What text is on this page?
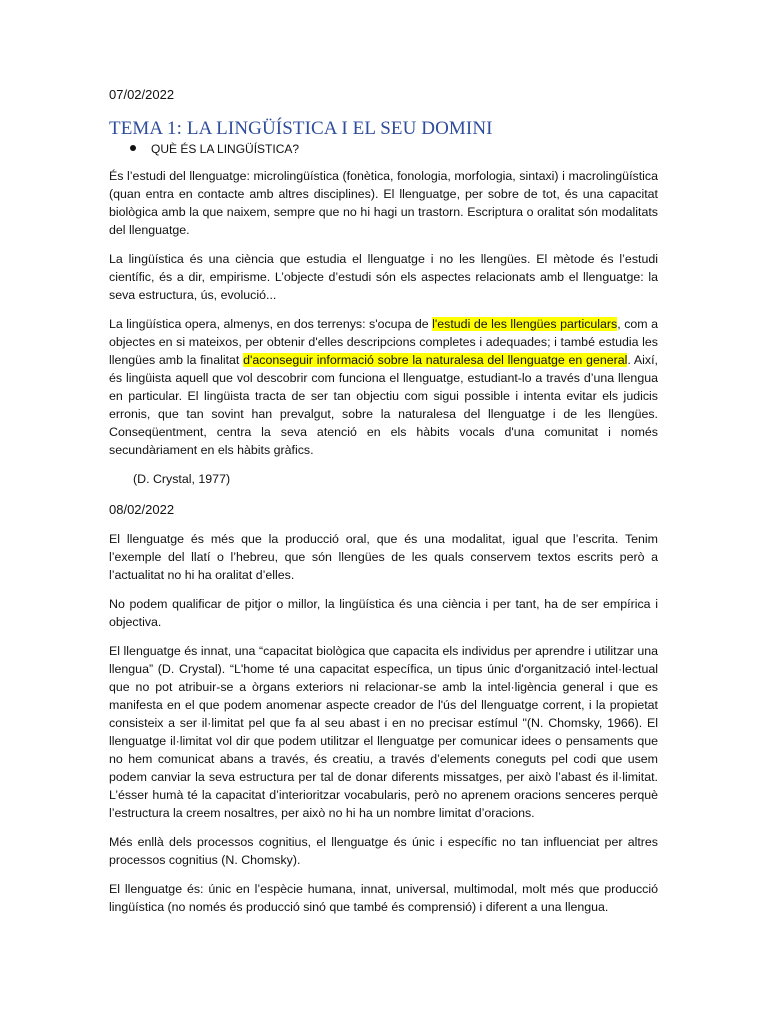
07/02/2022

TEMA 1: LA LINGÜÍSTICA I EL SEU DOMINI
QUÈ ÉS LA LINGÜÍSTICA?

És l’estudi del llenguatge: microlingüística (fonètica, fonologia, morfologia, sintaxi) i macrolingüística (quan entra en contacte amb altres disciplines). El llenguatge, per sobre de tot, és una capacitat biològica amb la que naixem, sempre que no hi hagi un trastorn. Escriptura o oralitat són modalitats del llenguatge.

La lingüística és una ciència que estudia el llenguatge i no les llengües. El mètode és l’estudi científic, és a dir, empirisme. L’objecte d’estudi són els aspectes relacionats amb el llenguatge: la seva estructura, ús, evolució...

La lingüística opera, almenys, en dos terrenys: s'ocupa de l'estudi de les llengües particulars, com a objectes en si mateixos, per obtenir d'elles descripcions completes i adequades; i també estudia les llengües amb la finalitat d'aconseguir informació sobre la naturalesa del llenguatge en general. Així, és lingüista aquell que vol descobrir com funciona el llenguatge, estudiant-lo a través d’una llengua en particular. El lingüista tracta de ser tan objectiu com sigui possible i intenta evitar els judicis erronis, que tan sovint han prevalgut, sobre la naturalesa del llenguatge i de les llengües. Conseqüentment, centra la seva atenció en els hàbits vocals d'una comunitat i només secundàriament en els hàbits gràfics.

(D. Crystal, 1977)

08/02/2022

El llenguatge és més que la producció oral, que és una modalitat, igual que l’escrita. Tenim l’exemple del llatí o l’hebreu, que són llengües de les quals conservem textos escrits però a l’actualitat no hi ha oralitat d’elles.

No podem qualificar de pitjor o millor, la lingüística és una ciència i per tant, ha de ser empírica i objectiva.

El llenguatge és innat, una “capacitat biològica que capacita els individus per aprendre i utilitzar una llengua” (D. Crystal). “L'home té una capacitat específica, un tipus únic d'organització intel·lectual que no pot atribuir-se a òrgans exteriors ni relacionar-se amb la intel·ligència general i que es manifesta en el que podem anomenar aspecte creador de l'ús del llenguatge corrent, i la propietat consisteix a ser il·limitat pel que fa al seu abast i en no precisar estímul "(N. Chomsky, 1966). El llenguatge il·limitat vol dir que podem utilitzar el llenguatge per comunicar idees o pensaments que no hem comunicat abans a través, és creatiu, a través d’elements coneguts pel codi que usem podem canviar la seva estructura per tal de donar diferents missatges, per això l’abast és il·limitat. L’ésser humà té la capacitat d’interioritzar vocabularis, però no aprenem oracions senceres perquè l’estructura la creem nosaltres, per això no hi ha un nombre limitat d’oracions.

Més enllà dels processos cognitius, el llenguatge és únic i específic no tan influenciat per altres processos cognitius (N. Chomsky).

El llenguatge és: únic en l’espècie humana, innat, universal, multimodal, molt més que producció lingüística (no només és producció sinó que també és comprensió) i diferent a una llengua.
